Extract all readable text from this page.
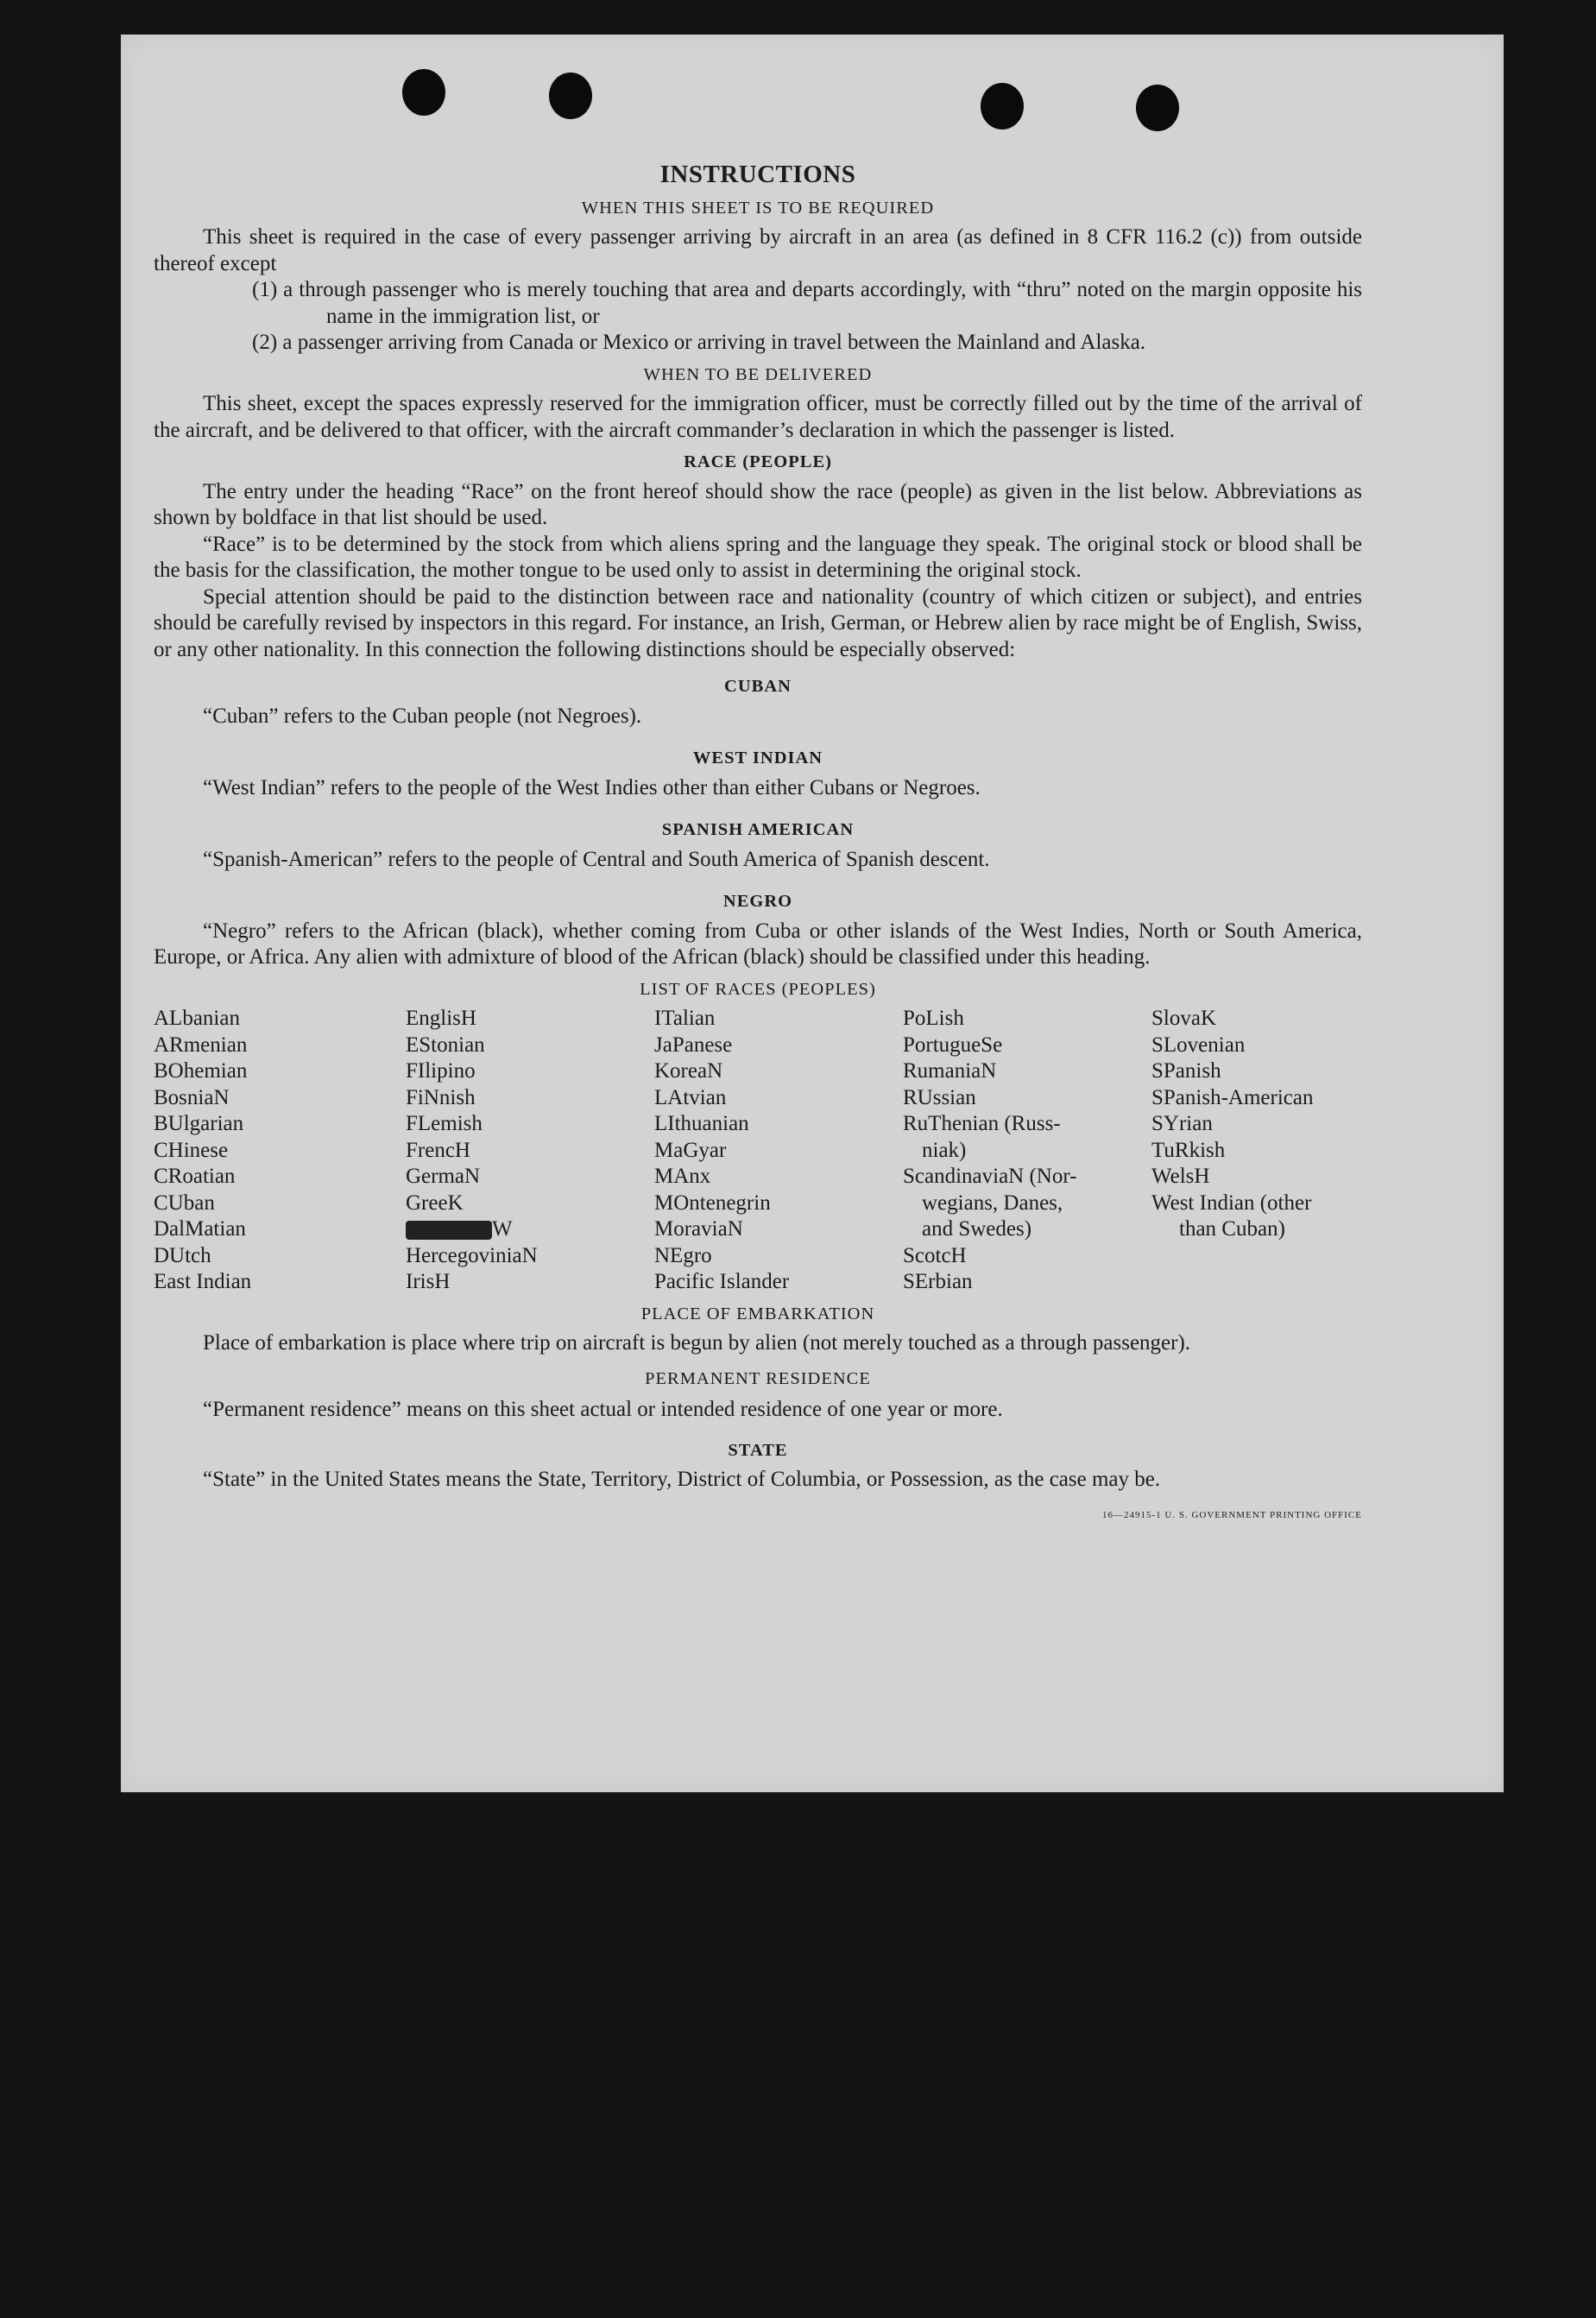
INSTRUCTIONS
WHEN THIS SHEET IS TO BE REQUIRED

This sheet is required in the case of every passenger arriving by aircraft in an area (as defined in 8 CFR 116.2 (c)) from outside thereof except

(1) a through passenger who is merely touching that area and departs accordingly, with “thru” noted on the margin opposite his name in the immigration list, or

(2) a passenger arriving from Canada or Mexico or arriving in travel between the Mainland and Alaska.

WHEN TO BE DELIVERED

This sheet, except the spaces expressly reserved for the immigration officer, must be correctly filled out by the time of the arrival of the aircraft, and be delivered to that officer, with the aircraft commander’s declaration in which the passenger is listed.

RACE (PEOPLE)

The entry under the heading “Race” on the front hereof should show the race (people) as given in the list below. Abbreviations as shown by boldface in that list should be used.

“Race” is to be determined by the stock from which aliens spring and the language they speak. The original stock or blood shall be the basis for the classification, the mother tongue to be used only to assist in determining the original stock.

Special attention should be paid to the distinction between race and nationality (country of which citizen or subject), and entries should be carefully revised by inspectors in this regard. For instance, an Irish, German, or Hebrew alien by race might be of English, Swiss, or any other nationality. In this connection the following distinctions should be especially observed:

CUBAN

“Cuban” refers to the Cuban people (not Negroes).

WEST INDIAN

“West Indian” refers to the people of the West Indies other than either Cubans or Negroes.

SPANISH AMERICAN

“Spanish-American” refers to the people of Central and South America of Spanish descent.

NEGRO

“Negro” refers to the African (black), whether coming from Cuba or other islands of the West Indies, North or South America, Europe, or Africa. Any alien with admixture of blood of the African (black) should be classified under this heading.

LIST OF RACES (PEOPLES)
ALbanian
ARmenian
BOhemian
BosniaN
BUlgarian
CHinese
CRoatian
CUban
DalMatian
DUtch
East Indian
EnglisH
EStonian
FIlipino
FiNnish
FLemish
FrencH
GermaN
GreeK
W
HercegoviniaN
IrisH
ITalian
JaPanese
KoreaN
LAtvian
LIthuanian
MaGyar
MAnx
MOntenegrin
MoraviaN
NEgro
Pacific Islander
PoLish
PortugueSe
RumaniaN
RUssian
RuThenian (Russ-
niak)
ScandinaviaN (Nor-
wegians, Danes,
and Swedes)
ScotcH
SErbian
SlovaK
SLovenian
SPanish
SPanish-American
SYrian
TuRkish
WelsH
West Indian (other
than Cuban)
PLACE OF EMBARKATION

Place of embarkation is place where trip on aircraft is begun by alien (not merely touched as a through passenger).

PERMANENT RESIDENCE

“Permanent residence” means on this sheet actual or intended residence of one year or more.

STATE

“State” in the United States means the State, Territory, District of Columbia, or Possession, as the case may be.

16—24915-1 U. S. GOVERNMENT PRINTING OFFICE
